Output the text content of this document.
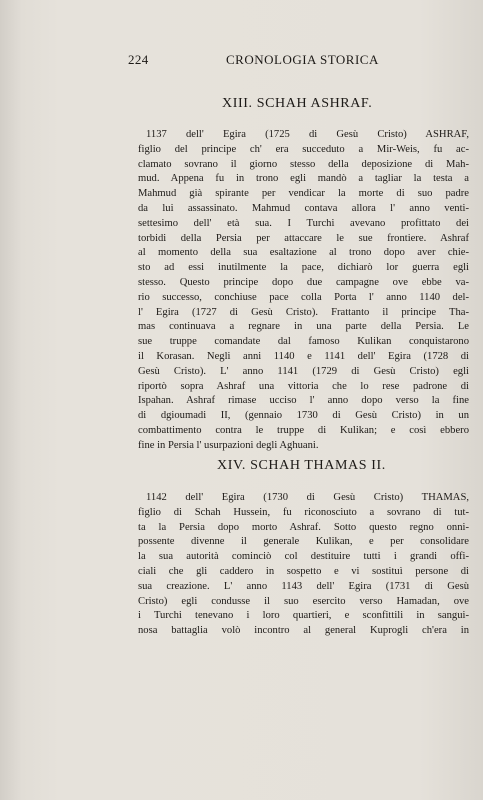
224	CRONOLOGIA STORICA
XIII. SCHAH ASHRAF.
1137 dell' Egira (1725 di Gesù Cristo) ASHRAF,
figlio del principe ch' era succeduto a Mir-Weis, fu ac-
clamato sovrano il giorno stesso della deposizione di Mah-
mud. Appena fu in trono egli mandò a tagliar la testa a
Mahmud già spirante per vendicar la morte di suo padre
da lui assassinato. Mahmud contava allora l' anno venti-
settesimo dell' età sua. I Turchi avevano profittato dei
torbidi della Persia per attaccare le sue frontiere. Ashraf
al momento della sua esaltazione al trono dopo aver chie-
sto ad essi inutilmente la pace, dichiarò lor guerra egli
stesso. Questo principe dopo due campagne ove ebbe va-
rio successo, conchiuse pace colla Porta l' anno 1140 del-
l' Egira (1727 di Gesù Cristo). Frattanto il principe Tha-
mas continuava a regnare in una parte della Persia. Le
sue truppe comandate dal famoso Kulikan conquistarono
il Korasan. Negli anni 1140 e 1141 dell' Egira (1728 di
Gesù Cristo). L' anno 1141 (1729 di Gesù Cristo) egli
riportò sopra Ashraf una vittoria che lo rese padrone di
Ispahan. Ashraf rimase ucciso l' anno dopo verso la fine
di dgioumadi II, (gennaio 1730 di Gesù Cristo) in un
combattimento contra le truppe di Kulikan; e così ebbero
fine in Persia l' usurpazioni degli Aghuani.
XIV. SCHAH THAMAS II.
1142 dell' Egira (1730 di Gesù Cristo) THAMAS,
figlio di Schah Hussein, fu riconosciuto a sovrano di tut-
ta la Persia dopo morto Ashraf. Sotto questo regno onni-
possente divenne il generale Kulikan, e per consolidare
la sua autorità cominciò col destituire tutti i grandi offi-
ciali che gli caddero in sospetto e vi sostituì persone di
sua creazione. L' anno 1143 dell' Egira (1731 di Gesù
Cristo) egli condusse il suo esercito verso Hamadan, ove
i Turchi tenevano i loro quartieri, e sconfittili in sangui-
nosa battaglia volò incontro al general Kuprogli ch'era in
